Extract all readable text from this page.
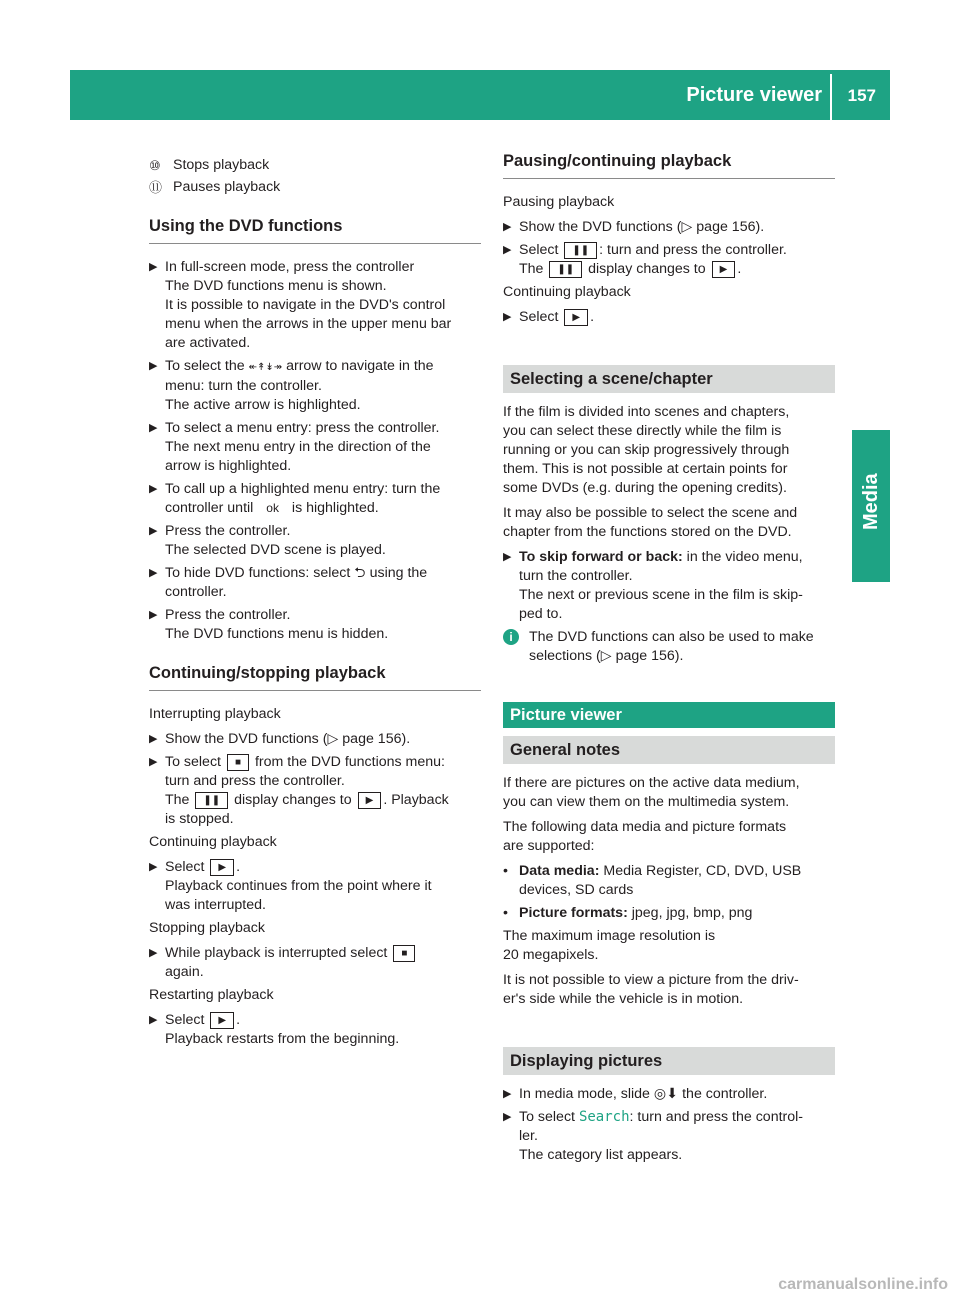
Picture viewer 157
Media
⑩ Stops playback
⑪ Pauses playback
Using the DVD functions
▶ In full-screen mode, press the controller
The DVD functions menu is shown.
It is possible to navigate in the DVD's control
menu when the arrows in the upper menu bar
are activated.
▶ To select the ↞↟↡↠ arrow to navigate in the
menu: turn the controller.
The active arrow is highlighted.
▶ To select a menu entry: press the controller.
The next menu entry in the direction of the
arrow is highlighted.
▶ To call up a highlighted menu entry: turn the
controller until ok is highlighted.
▶ Press the controller.
The selected DVD scene is played.
▶ To hide DVD functions: select ⮌ using the
controller.
▶ Press the controller.
The DVD functions menu is hidden.
Continuing/stopping playback

Interrupting playback

▶ Show the DVD functions (▷ page 156).
▶ To select ■ from the DVD functions menu:
turn and press the controller.
The ❚❚ display changes to ▶ . Playback
is stopped.

Continuing playback

▶ Select ▶ .
Playback continues from the point where it
was interrupted.

Stopping playback

▶ While playback is interrupted select ■
again.

Restarting playback

▶ Select ▶ .
Playback restarts from the beginning.
Pausing/continuing playback

Pausing playback

▶ Show the DVD functions (▷ page 156).
▶ Select ❚❚ : turn and press the controller.
The ❚❚ display changes to ▶ .

Continuing playback

▶ Select ▶ .
Selecting a scene/chapter

If the film is divided into scenes and chapters,
you can select these directly while the film is
running or you can skip progressively through
them. This is not possible at certain points for
some DVDs (e.g. during the opening credits).

It may also be possible to select the scene and
chapter from the functions stored on the DVD.

▶ To skip forward or back: in the video menu,
turn the controller.
The next or previous scene in the film is skip-
ped to.
i	The DVD functions can also be used to make
selections (▷ page 156).
Picture viewer
General notes

If there are pictures on the active data medium,
you can view them on the multimedia system.

The following data media and picture formats
are supported:

• Data media: Media Register, CD, DVD, USB
devices, SD cards
• Picture formats: jpeg, jpg, bmp, png

The maximum image resolution is
20 megapixels.

It is not possible to view a picture from the driv-
er's side while the vehicle is in motion.

Displaying pictures
▶ In media mode, slide ◎⬇ the controller.
▶ To select Search: turn and press the control-
ler.
The category list appears.
carmanualsonline.info
